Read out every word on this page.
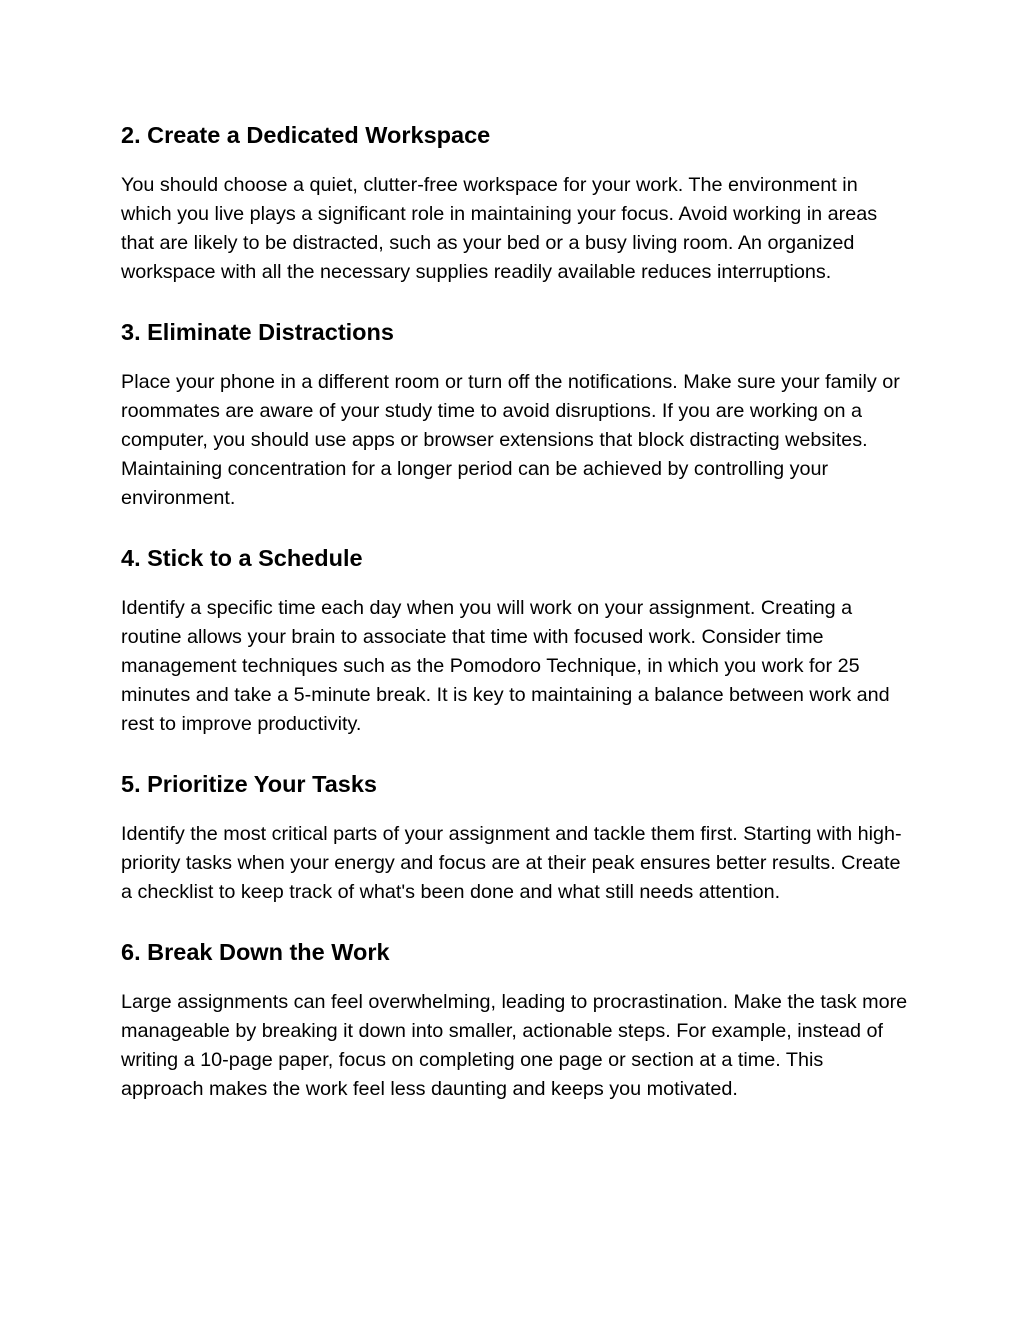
2. Create a Dedicated Workspace

You should choose a quiet, clutter-free workspace for your work. The environment in which you live plays a significant role in maintaining your focus. Avoid working in areas that are likely to be distracted, such as your bed or a busy living room. An organized workspace with all the necessary supplies readily available reduces interruptions.

3. Eliminate Distractions

Place your phone in a different room or turn off the notifications. Make sure your family or roommates are aware of your study time to avoid disruptions. If you are working on a computer, you should use apps or browser extensions that block distracting websites. Maintaining concentration for a longer period can be achieved by controlling your environment.

4. Stick to a Schedule

Identify a specific time each day when you will work on your assignment. Creating a routine allows your brain to associate that time with focused work. Consider time management techniques such as the Pomodoro Technique, in which you work for 25 minutes and take a 5-minute break. It is key to maintaining a balance between work and rest to improve productivity.

5. Prioritize Your Tasks

Identify the most critical parts of your assignment and tackle them first. Starting with high-priority tasks when your energy and focus are at their peak ensures better results. Create a checklist to keep track of what's been done and what still needs attention.

6. Break Down the Work

Large assignments can feel overwhelming, leading to procrastination. Make the task more manageable by breaking it down into smaller, actionable steps. For example, instead of writing a 10-page paper, focus on completing one page or section at a time. This approach makes the work feel less daunting and keeps you motivated.
